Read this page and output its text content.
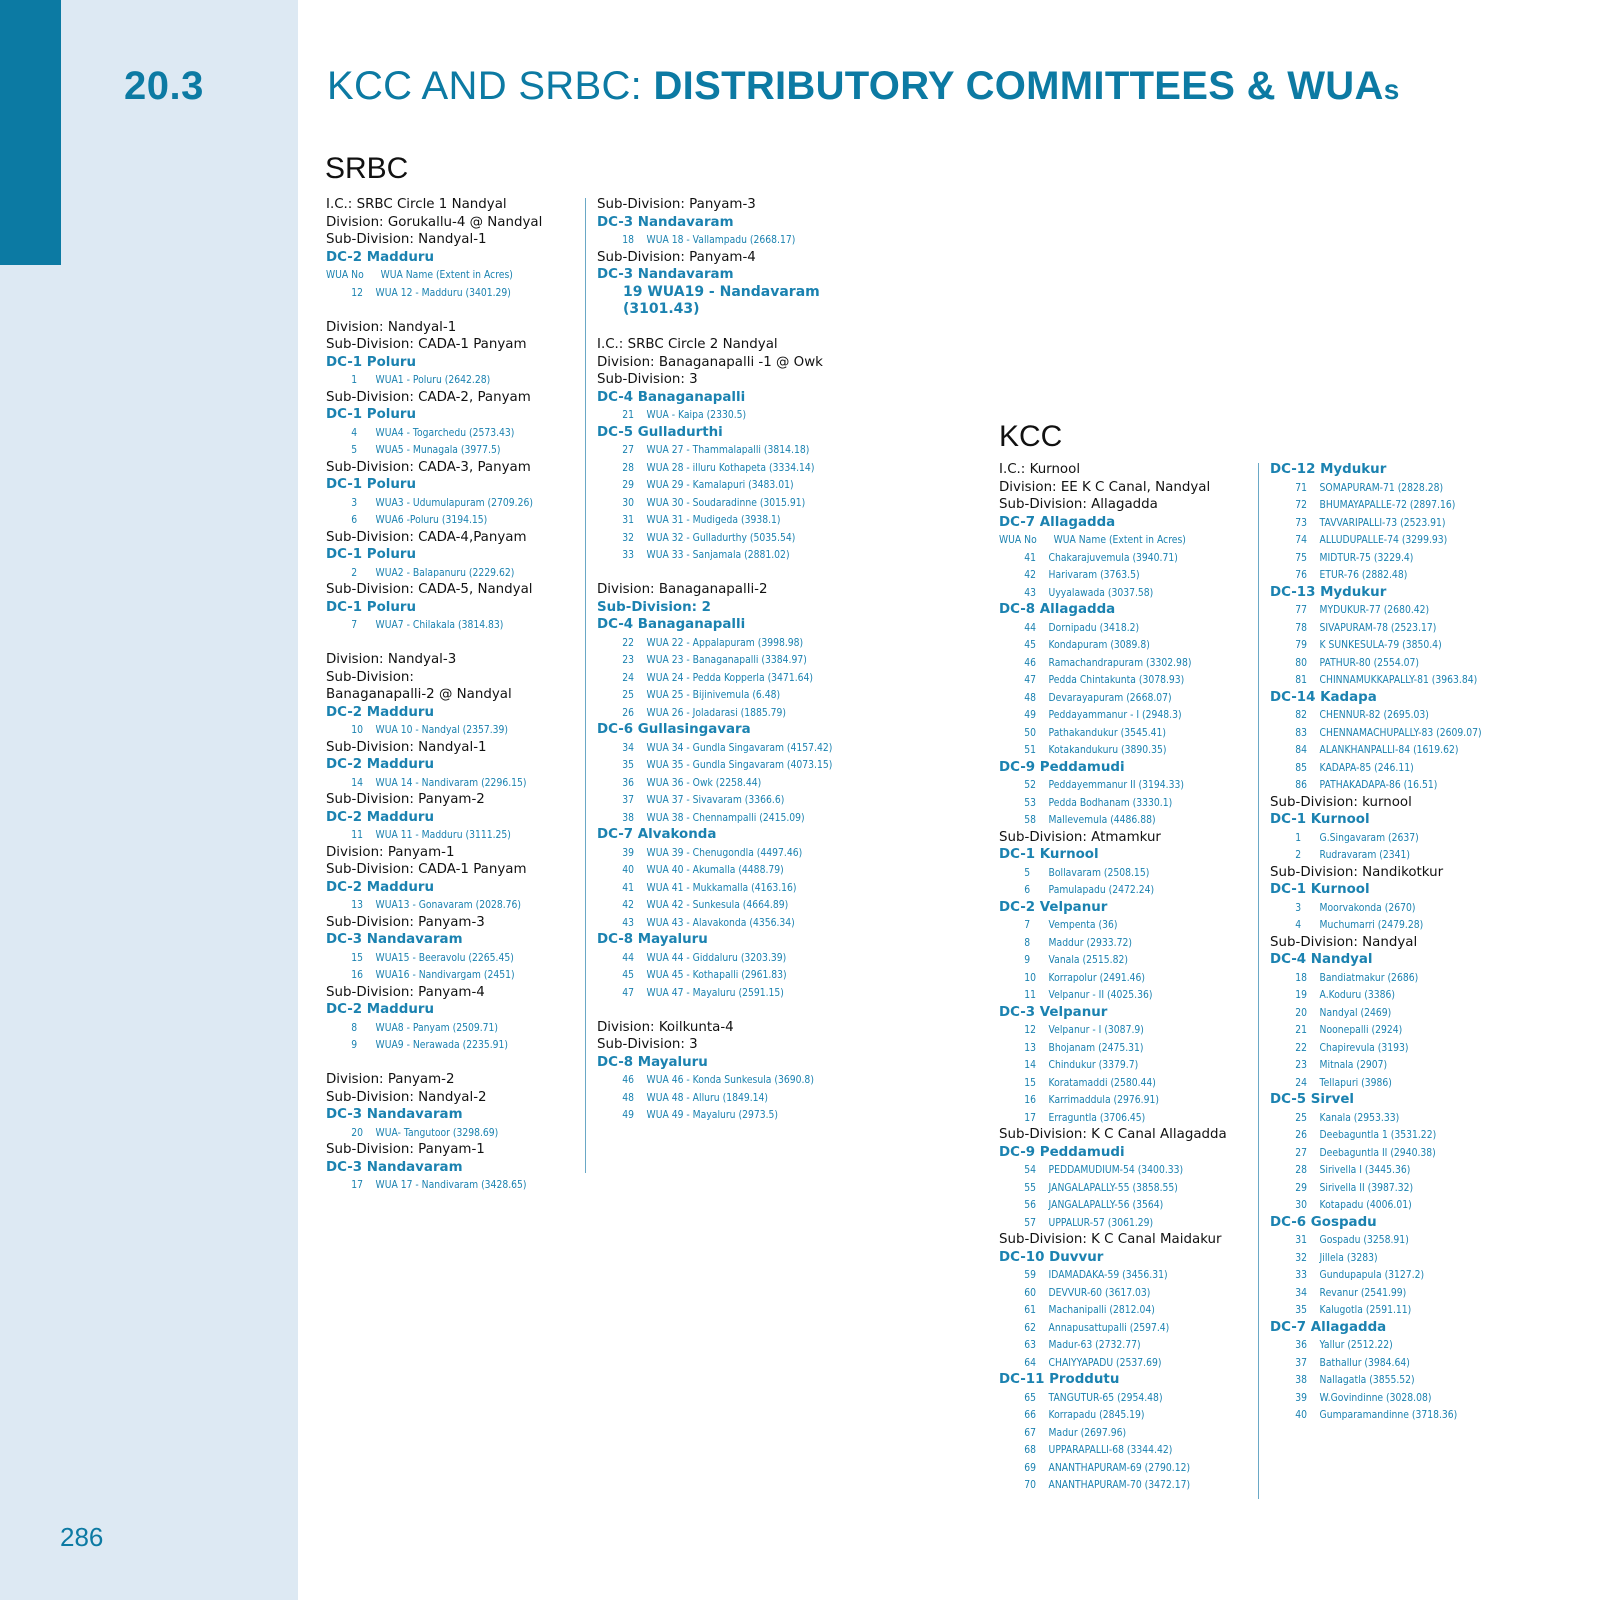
20.3	KCC AND SRBC: DISTRIBUTORY COMMITTEES & WUAs
SRBC
KCC
I.C.: SRBC Circle 1 Nandyal
Division: Gorukallu-4 @ Nandyal
Sub-Division: Nandyal-1
DC-2 Madduru
WUA No WUA Name (Extent in Acres)
12 WUA 12 - Madduru (3401.29)
Division: Nandyal-1
Sub-Division: CADA-1 Panyam
DC-1 Poluru
1 WUA1 - Poluru (2642.28)
Sub-Division: CADA-2, Panyam
DC-1 Poluru
4 WUA4 - Togarchedu (2573.43)
5 WUA5 - Munagala (3977.5)
Sub-Division: CADA-3, Panyam
DC-1 Poluru
3 WUA3 - Udumulapuram (2709.26)
6 WUA6 -Poluru (3194.15)
Sub-Division: CADA-4,Panyam
DC-1 Poluru
2 WUA2 - Balapanuru (2229.62)
Sub-Division: CADA-5, Nandyal
DC-1 Poluru
7 WUA7 - Chilakala (3814.83)
Division: Nandyal-3
Sub-Division:
Banaganapalli-2 @ Nandyal
DC-2 Madduru
10 WUA 10 - Nandyal (2357.39)
Sub-Division: Nandyal-1
DC-2 Madduru
14 WUA 14 - Nandivaram (2296.15)
Sub-Division: Panyam-2
DC-2 Madduru
11 WUA 11 - Madduru (3111.25)
Division: Panyam-1
Sub-Division: CADA-1 Panyam
DC-2 Madduru
13 WUA13 - Gonavaram (2028.76)
Sub-Division: Panyam-3
DC-3 Nandavaram
15 WUA15 - Beeravolu (2265.45)
16 WUA16 - Nandivargam (2451)
Sub-Division: Panyam-4
DC-2 Madduru
8 WUA8 - Panyam (2509.71)
9 WUA9 - Nerawada (2235.91)
Division: Panyam-2
Sub-Division: Nandyal-2
DC-3 Nandavaram
20 WUA- Tangutoor (3298.69)
Sub-Division: Panyam-1
DC-3 Nandavaram
17 WUA 17 - Nandivaram (3428.65)
Sub-Division: Panyam-3
DC-3 Nandavaram
18 WUA 18 - Vallampadu (2668.17)
Sub-Division: Panyam-4
DC-3 Nandavaram
19 WUA19 - Nandavaram
(3101.43)
I.C.: SRBC Circle 2 Nandyal
Division: Banaganapalli -1 @ Owk
Sub-Division: 3
DC-4 Banaganapalli
21 WUA - Kaipa (2330.5)
DC-5 Gulladurthi
27 WUA 27 - Thammalapalli (3814.18)
28 WUA 28 - illuru Kothapeta (3334.14)
29 WUA 29 - Kamalapuri (3483.01)
30 WUA 30 - Soudaradinne (3015.91)
31 WUA 31 - Mudigeda (3938.1)
32 WUA 32 - Gulladurthy (5035.54)
33 WUA 33 - Sanjamala (2881.02)
Division: Banaganapalli-2
Sub-Division: 2
DC-4 Banaganapalli
22 WUA 22 - Appalapuram (3998.98)
23 WUA 23 - Banaganapalli (3384.97)
24 WUA 24 - Pedda Kopperla (3471.64)
25 WUA 25 - Bijinivemula (6.48)
26 WUA 26 - Joladarasi (1885.79)
DC-6 Gullasingavara
34 WUA 34 - Gundla Singavaram (4157.42)
35 WUA 35 - Gundla Singavaram (4073.15)
36 WUA 36 - Owk (2258.44)
37 WUA 37 - Sivavaram (3366.6)
38 WUA 38 - Chennampalli (2415.09)
DC-7 Alvakonda
39 WUA 39 - Chenugondla (4497.46)
40 WUA 40 - Akumalla (4488.79)
41 WUA 41 - Mukkamalla (4163.16)
42 WUA 42 - Sunkesula (4664.89)
43 WUA 43 - Alavakonda (4356.34)
DC-8 Mayaluru
44 WUA 44 - Giddaluru (3203.39)
45 WUA 45 - Kothapalli (2961.83)
47 WUA 47 - Mayaluru (2591.15)
Division: Koilkunta-4
Sub-Division: 3
DC-8 Mayaluru
46 WUA 46 - Konda Sunkesula (3690.8)
48 WUA 48 - Alluru (1849.14)
49 WUA 49 - Mayaluru (2973.5)
I.C.: Kurnool
Division: EE K C Canal, Nandyal
Sub-Division: Allagadda
DC-7 Allagadda
WUA No WUA Name (Extent in Acres)
41 Chakarajuvemula (3940.71)
42 Harivaram (3763.5)
43 Uyyalawada (3037.58)
DC-8 Allagadda
44 Dornipadu (3418.2)
45 Kondapuram (3089.8)
46 Ramachandrapuram (3302.98)
47 Pedda Chintakunta (3078.93)
48 Devarayapuram (2668.07)
49 Peddayammanur - I (2948.3)
50 Pathakandukur (3545.41)
51 Kotakandukuru (3890.35)
DC-9 Peddamudi
52 Peddayemmanur II (3194.33)
53 Pedda Bodhanam (3330.1)
58 Mallevemula (4486.88)
Sub-Division: Atmamkur
DC-1 Kurnool
5 Bollavaram (2508.15)
6 Pamulapadu (2472.24)
DC-2 Velpanur
7 Vempenta (36)
8 Maddur (2933.72)
9 Vanala (2515.82)
10 Korrapolur (2491.46)
11 Velpanur - II (4025.36)
DC-3 Velpanur
12 Velpanur - I (3087.9)
13 Bhojanam (2475.31)
14 Chindukur (3379.7)
15 Koratamaddi (2580.44)
16 Karrimaddula (2976.91)
17 Erraguntla (3706.45)
Sub-Division: K C Canal Allagadda
DC-9 Peddamudi
54 PEDDAMUDIUM-54 (3400.33)
55 JANGALAPALLY-55 (3858.55)
56 JANGALAPALLY-56 (3564)
57 UPPALUR-57 (3061.29)
Sub-Division: K C Canal Maidakur
DC-10 Duvvur
59 IDAMADAKA-59 (3456.31)
60 DEVVUR-60 (3617.03)
61 Machanipalli (2812.04)
62 Annapusattupalli (2597.4)
63 Madur-63 (2732.77)
64 CHAIYYAPADU (2537.69)
DC-11 Proddutu
65 TANGUTUR-65 (2954.48)
66 Korrapadu (2845.19)
67 Madur (2697.96)
68 UPPARAPALLI-68 (3344.42)
69 ANANTHAPURAM-69 (2790.12)
70 ANANTHAPURAM-70 (3472.17)
DC-12 Mydukur
71 SOMAPURAM-71 (2828.28)
72 BHUMAYAPALLE-72 (2897.16)
73 TAVVARIPALLI-73 (2523.91)
74 ALLUDUPALLE-74 (3299.93)
75 MIDTUR-75 (3229.4)
76 ETUR-76 (2882.48)
DC-13 Mydukur
77 MYDUKUR-77 (2680.42)
78 SIVAPURAM-78 (2523.17)
79 K SUNKESULA-79 (3850.4)
80 PATHUR-80 (2554.07)
81 CHINNAMUKKAPALLY-81 (3963.84)
DC-14 Kadapa
82 CHENNUR-82 (2695.03)
83 CHENNAMACHUPALLY-83 (2609.07)
84 ALANKHANPALLI-84 (1619.62)
85 KADAPA-85 (246.11)
86 PATHAKADAPA-86 (16.51)
Sub-Division: kurnool
DC-1 Kurnool
1 G.Singavaram (2637)
2 Rudravaram (2341)
Sub-Division: Nandikotkur
DC-1 Kurnool
3 Moorvakonda (2670)
4 Muchumarri (2479.28)
Sub-Division: Nandyal
DC-4 Nandyal
18 Bandiatmakur (2686)
19 A.Koduru (3386)
20 Nandyal (2469)
21 Noonepalli (2924)
22 Chapirevula (3193)
23 Mitnala (2907)
24 Tellapuri (3986)
DC-5 Sirvel
25 Kanala (2953.33)
26 Deebaguntla 1 (3531.22)
27 Deebaguntla II (2940.38)
28 Sirivella I (3445.36)
29 Sirivella II (3987.32)
30 Kotapadu (4006.01)
DC-6 Gospadu
31 Gospadu (3258.91)
32 Jillela (3283)
33 Gundupapula (3127.2)
34 Revanur (2541.99)
35 Kalugotla (2591.11)
DC-7 Allagadda
36 Yallur (2512.22)
37 Bathallur (3984.64)
38 Nallagatla (3855.52)
39 W.Govindinne (3028.08)
40 Gumparamandinne (3718.36)
286
